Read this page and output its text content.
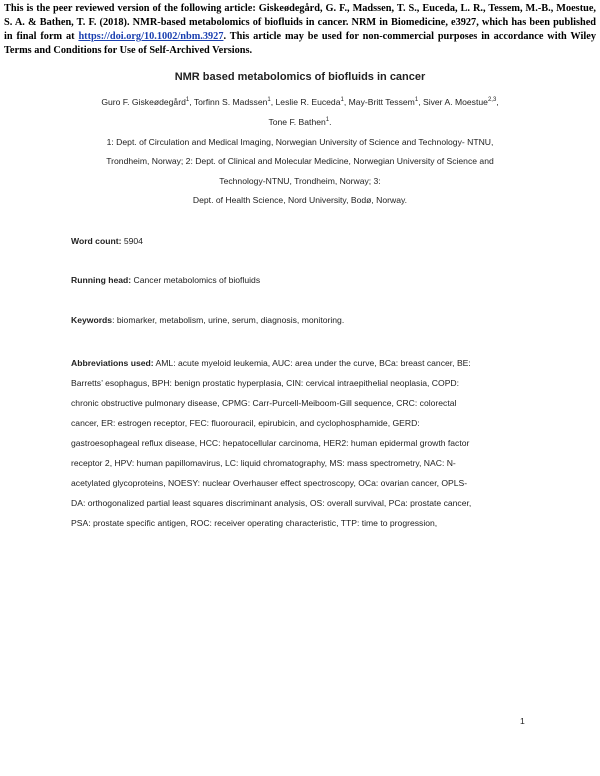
This is the peer reviewed version of the following article: Giskeødegård, G. F., Madssen, T. S., Euceda, L. R., Tessem, M.-B., Moestue, S. A. & Bathen, T. F. (2018). NMR-based metabolomics of biofluids in cancer. NRM in Biomedicine, e3927, which has been published in final form at https://doi.org/10.1002/nbm.3927. This article may be used for non-commercial purposes in accordance with Wiley Terms and Conditions for Use of Self-Archived Versions.
NMR based metabolomics of biofluids in cancer
Guro F. Giskeødegård$^1$, Torfinn S. Madssen$^1$, Leslie R. Euceda$^1$, May-Britt Tessem$^1$, Siver A. Moestue$^{2,3}$,
Tone F. Bathen$^1$.
1: Dept. of Circulation and Medical Imaging, Norwegian University of Science and Technology- NTNU,
Trondheim, Norway; 2: Dept. of Clinical and Molecular Medicine, Norwegian University of Science and
Technology-NTNU, Trondheim, Norway; 3:
Dept. of Health Science, Nord University, Bodø, Norway.
Word count: 5904
Running head: Cancer metabolomics of biofluids
Keywords: biomarker, metabolism, urine, serum, diagnosis, monitoring.
Abbreviations used: AML: acute myeloid leukemia, AUC: area under the curve, BCa: breast cancer, BE:
Barretts’ esophagus, BPH: benign prostatic hyperplasia, CIN: cervical intraepithelial neoplasia, COPD:
chronic obstructive pulmonary disease, CPMG: Carr-Purcell-Meiboom-Gill sequence, CRC: colorectal
cancer, ER: estrogen receptor, FEC: fluorouracil, epirubicin, and cyclophosphamide, GERD:
gastroesophageal reflux disease, HCC: hepatocellular carcinoma, HER2: human epidermal growth factor
receptor 2, HPV: human papillomavirus, LC: liquid chromatography, MS: mass spectrometry, NAC: N-
acetylated glycoproteins, NOESY: nuclear Overhauser effect spectroscopy, OCa: ovarian cancer, OPLS-
DA: orthogonalized partial least squares discriminant analysis, OS: overall survival, PCa: prostate cancer,
PSA: prostate specific antigen, ROC: receiver operating characteristic, TTP: time to progression,
1
